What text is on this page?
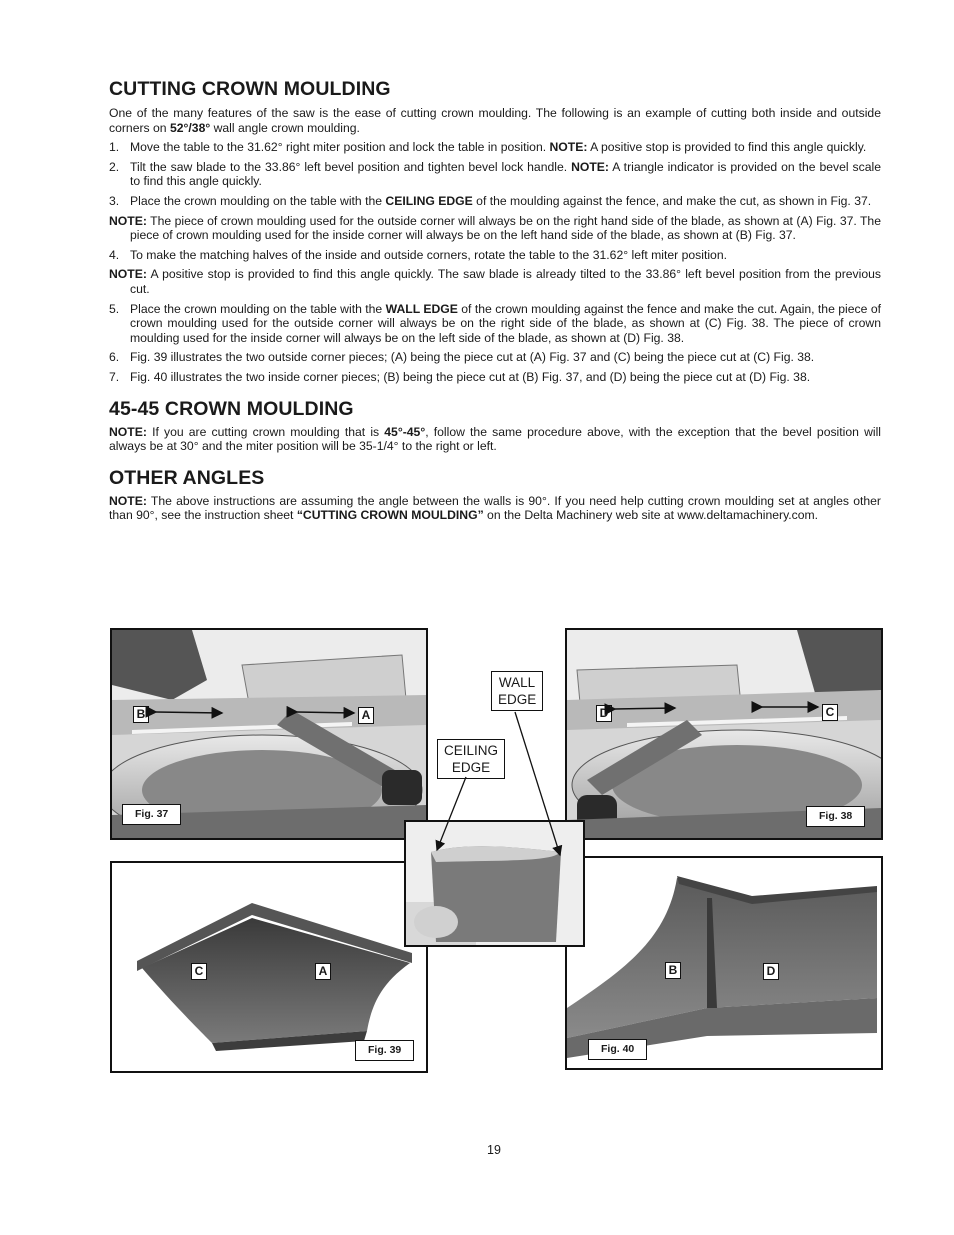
CUTTING CROWN MOULDING

One of the many features of the saw is the ease of cutting crown moulding. The following is an example of cutting both inside and outside corners on 52°/38° wall angle crown moulding.

1. Move the table to the 31.62° right miter position and lock the table in position. NOTE: A positive stop is provided to find this angle quickly.
2. Tilt the saw blade to the 33.86° left bevel position and tighten bevel lock handle. NOTE: A triangle indicator is provided on the bevel scale to find this angle quickly.
3. Place the crown moulding on the table with the CEILING EDGE of the moulding against the fence, and make the cut, as shown in Fig. 37.
NOTE: The piece of crown moulding used for the outside corner will always be on the right hand side of the blade, as shown at (A) Fig. 37. The piece of crown moulding used for the inside corner will always be on the left hand side of the blade, as shown at (B) Fig. 37.
4. To make the matching halves of the inside and outside corners, rotate the table to the 31.62° left miter position.
NOTE: A positive stop is provided to find this angle quickly. The saw blade is already tilted to the 33.86° left bevel position from the previous cut.
5. Place the crown moulding on the table with the WALL EDGE of the crown moulding against the fence and make the cut. Again, the piece of crown moulding used for the outside corner will always be on the right side of the blade, as shown at (C) Fig. 38. The piece of crown moulding used for the inside corner will always be on the left side of the blade, as shown at (D) Fig. 38.
6. Fig. 39 illustrates the two outside corner pieces; (A) being the piece cut at (A) Fig. 37 and (C) being the piece cut at (C) Fig. 38.
7. Fig. 40 illustrates the two inside corner pieces; (B) being the piece cut at (B) Fig. 37, and (D) being the piece cut at (D) Fig. 38.
45-45 CROWN MOULDING

NOTE: If you are cutting crown moulding that is 45°-45°, follow the same procedure above, with the exception that the bevel position will always be at 30° and the miter position will be 35-1/4° to the right or left.

OTHER ANGLES

NOTE: The above instructions are assuming the angle between the walls is 90°. If you need help cutting crown moulding set at angles other than 90°, see the instruction sheet “CUTTING CROWN MOULDING” on the Delta Machinery web site at www.deltamachinery.com.

B	A
Fig. 37
D	C
Fig. 38
C	A
Fig. 39
B	D
Fig. 40
WALL
EDGE
CEILING
EDGE
19
